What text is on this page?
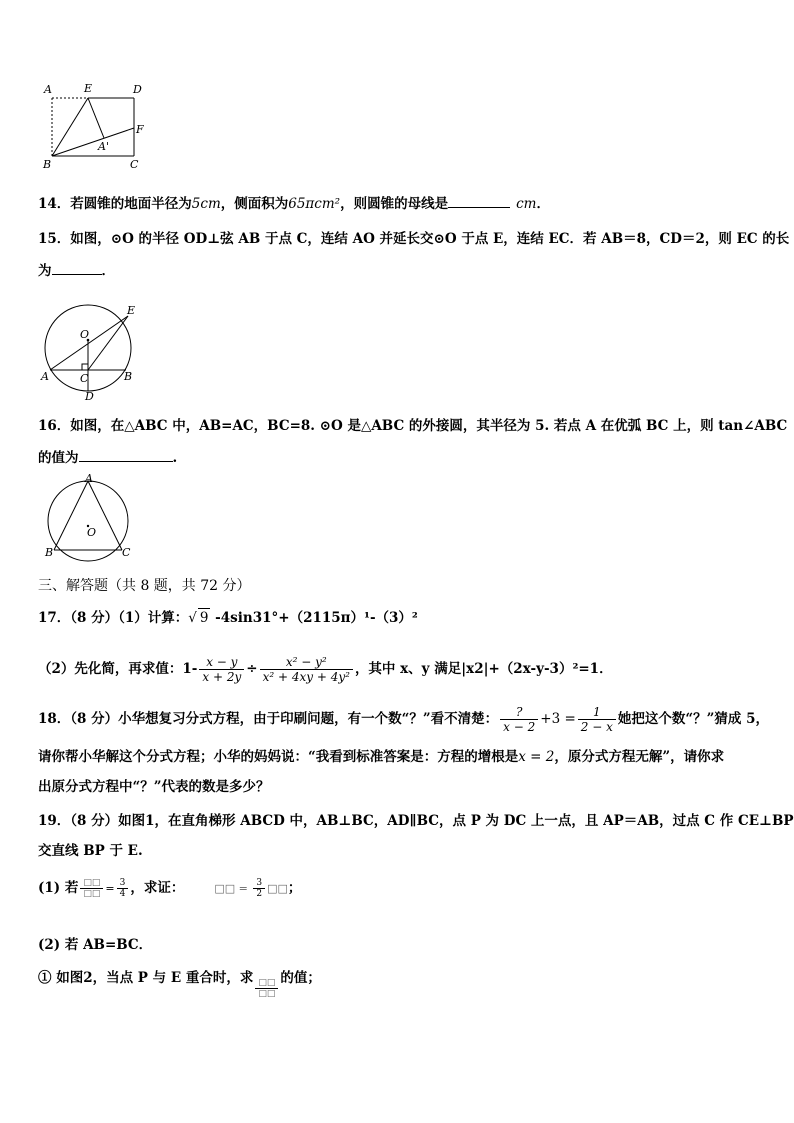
A	E	D
F
A'
B	C
14．若圆锥的地面半径为5cm，侧面积为65πcm²，则圆锥的母线是	cm．
15．如图，⊙O 的半径 OD⊥弦 AB 于点 C，连结 AO 并延长交⊙O 于点 E，连结 EC．若 AB＝8，CD＝2，则 EC 的长
为	．
E
O
A	C	B
D
16．如图，在△ABC 中，AB=AC，BC=8. ⊙O 是△ABC 的外接圆，其半径为 5. 若点 A 在优弧 BC 上，则 tan∠ABC
的值为	.
A
O
B	C
三、解答题（共 8 题，共 72 分）
17．（8 分）（1）计算：√ 9 -4sin31°+（2115π）¹-（3）²
（2）先化简，再求值：$1- \frac{x - y}{x + 2y} \div \frac{\text{x² − y²}}{\text{x² + 4xy + 4y²}}$ ，其中 x、y 满足|x2|+（2x-y-3）²=1．
18．（8 分）小华想复习分式方程，由于印刷问题，有一个数“？”看不清楚： $\frac{?}{x - 2} +3 = \frac{1}{2 - x}$ 她把这个数“？”猜成 5，
请你帮小华解这个分式方程；小华的妈妈说：“我看到标准答案是：方程的增根是x = 2，原分式方程无解”，请你求
出原分式方程中“？”代表的数是多少？
19．（8 分）如图1，在直角梯形 ABCD 中，AB⊥BC，AD∥BC，点 P 为 DC 上一点，且 AP＝AB，过点 C 作 CE⊥BP
交直线 BP 于 E.
(1) 若 $\frac{□□}{□□} = \frac{3}{4}$ ，求证：	□□ = $\frac{3}{2}$ □□；
(2) 若 AB=BC．
① 如图2，当点 P 与 E 重合时，求 $\frac{□□}{□□}$ 的值；
